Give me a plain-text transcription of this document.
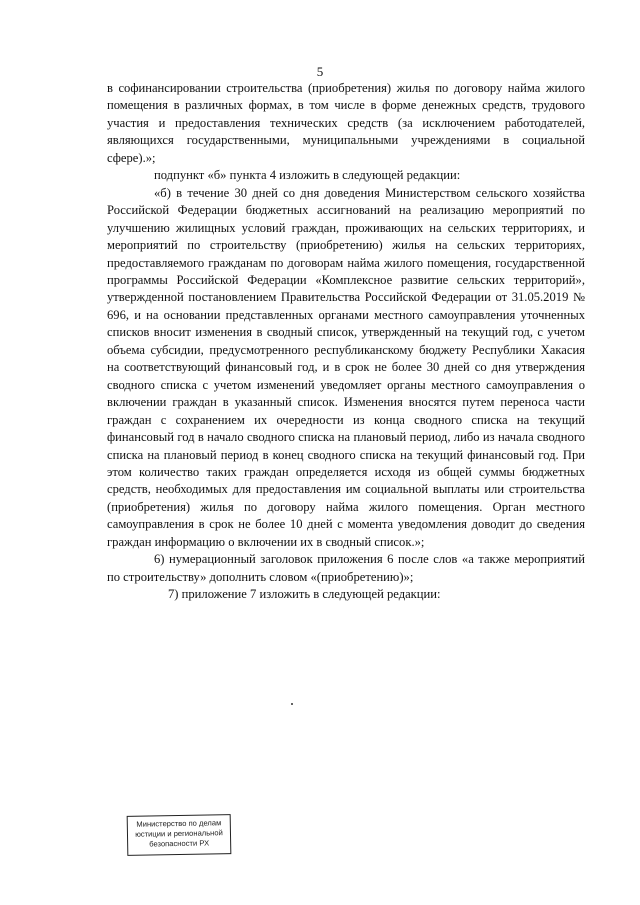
5

в софинансировании строительства (приобретения) жилья по договору найма жилого помещения в различных формах, в том числе в форме денежных средств, трудового участия и предоставления технических средств (за исключением работодателей, являющихся государственными, муниципальными учреждениями в социальной сфере).»;

подпункт «б» пункта 4 изложить в следующей редакции:

«б) в течение 30 дней со дня доведения Министерством сельского хозяйства Российской Федерации бюджетных ассигнований на реализацию мероприятий по улучшению жилищных условий граждан, проживающих на сельских территориях, и мероприятий по строительству (приобретению) жилья на сельских территориях, предоставляемого гражданам по договорам найма жилого помещения, государственной программы Российской Федерации «Комплексное развитие сельских территорий», утвержденной постановлением Правительства Российской Федерации от 31.05.2019 № 696, и на основании представленных органами местного самоуправления уточненных списков вносит изменения в сводный список, утвержденный на текущий год, с учетом объема субсидии, предусмотренного республиканскому бюджету Республики Хакасия на соответствующий финансовый год, и в срок не более 30 дней со дня утверждения сводного списка с учетом изменений уведомляет органы местного самоуправления о включении граждан в указанный список. Изменения вносятся путем переноса части граждан с сохранением их очередности из конца сводного списка на текущий финансовый год в начало сводного списка на плановый период, либо из начала сводного списка на плановый период в конец сводного списка на текущий финансовый год. При этом количество таких граждан определяется исходя из общей суммы бюджетных средств, необходимых для предоставления им социальной выплаты или строительства (приобретения) жилья по договору найма жилого помещения. Орган местного самоуправления в срок не более 10 дней с момента уведомления доводит до сведения граждан информацию о включении их в сводный список.»;

6) нумерационный заголовок приложения 6 после слов «а также мероприятий по строительству» дополнить словом «(приобретению)»;

7) приложение 7 изложить в следующей редакции:

Министерство по делам
юстиции и региональной
безопасности РХ
